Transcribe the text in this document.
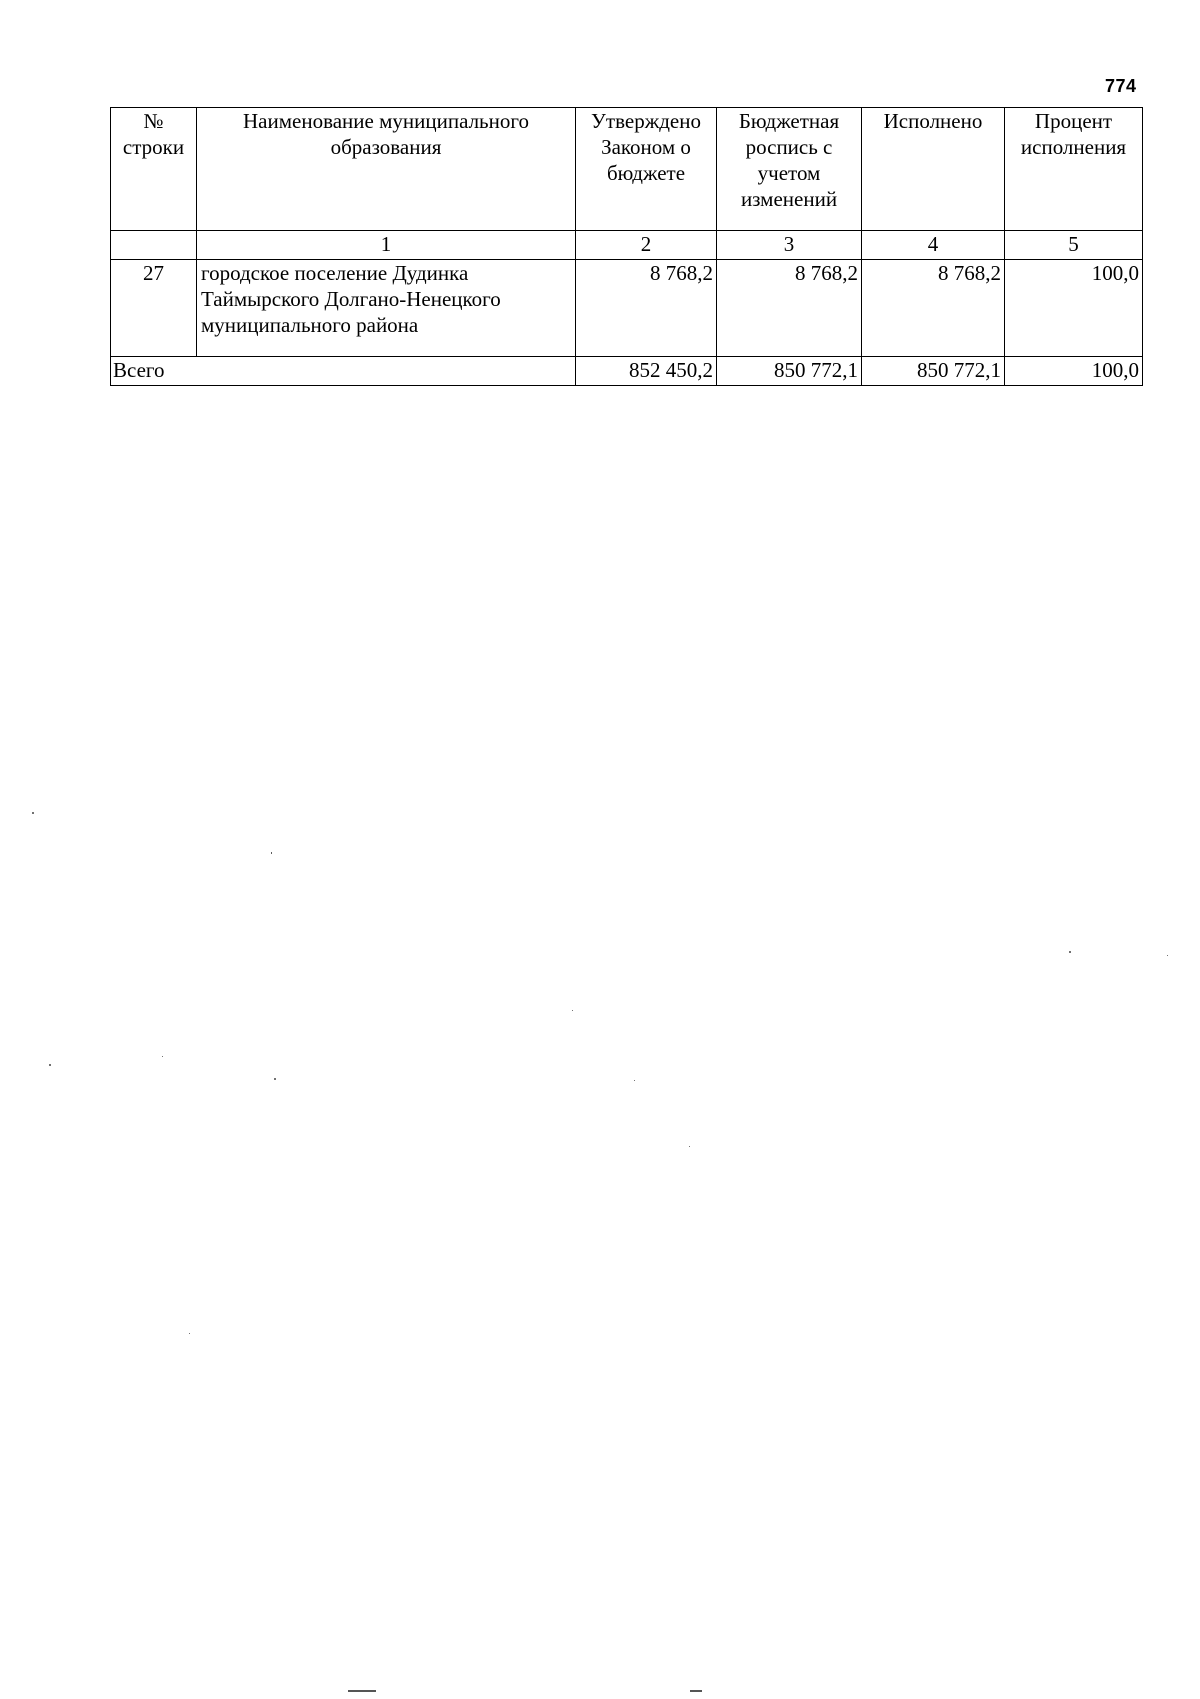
774
№ строки	Наименование муниципального образования	Утверждено Законом о бюджете	Бюджетная роспись с учетом изменений	Исполнено	Процент исполнения
	1	2	3	4	5
27	городское поселение Дудинка Таймырского Долгано-Ненецкого муниципального района	8 768,2	8 768,2	8 768,2	100,0
Всего		852 450,2	850 772,1	850 772,1	100,0
